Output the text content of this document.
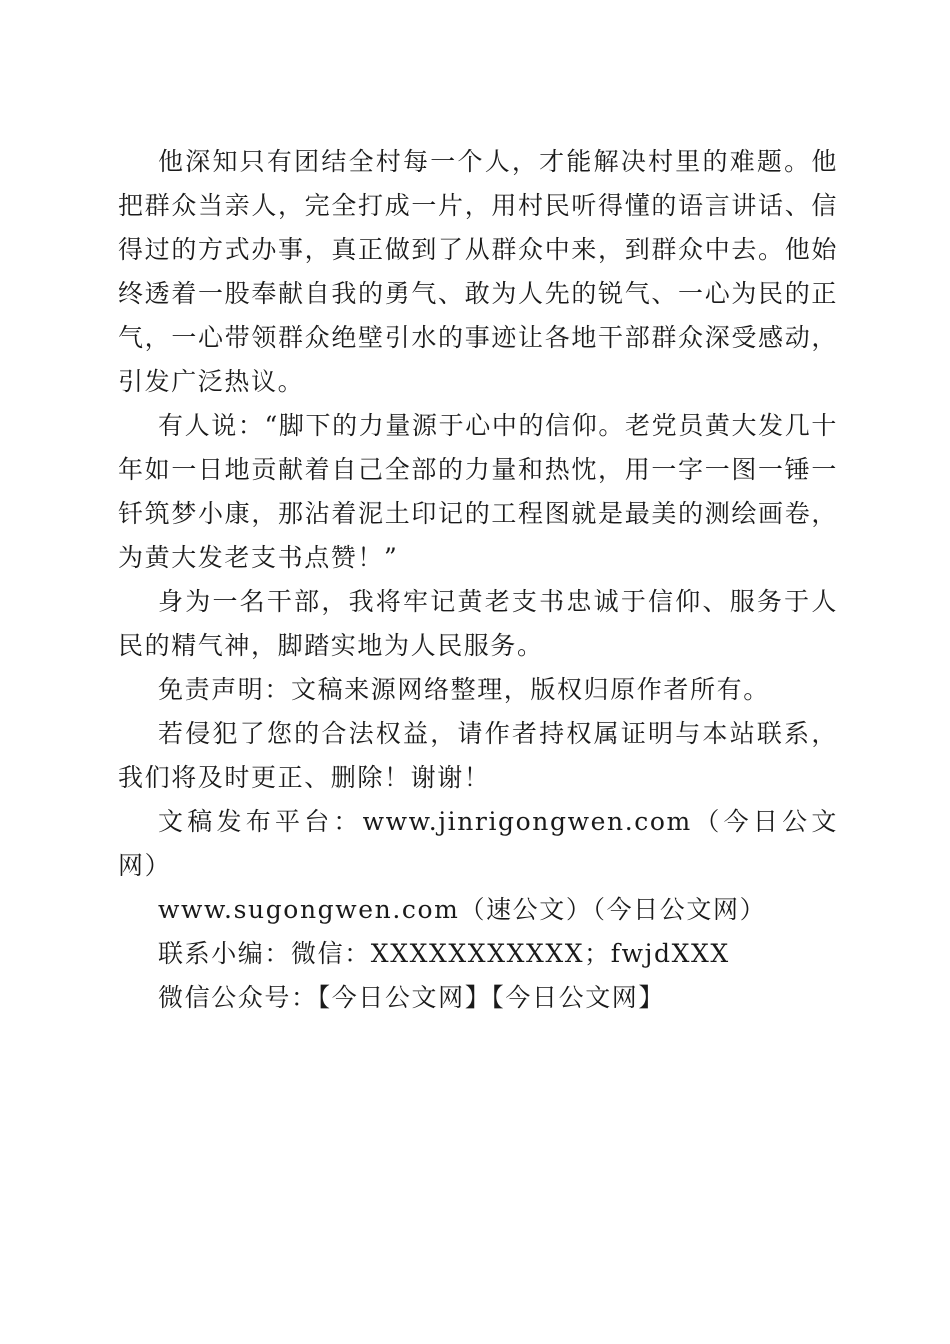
他深知只有团结全村每一个人，才能解决村里的难题。他把群众当亲人，完全打成一片，用村民听得懂的语言讲话、信得过的方式办事，真正做到了从群众中来，到群众中去。他始终透着一股奉献自我的勇气、敢为人先的锐气、一心为民的正气，一心带领群众绝壁引水的事迹让各地干部群众深受感动，引发广泛热议。

有人说：“脚下的力量源于心中的信仰。老党员黄大发几十年如一日地贡献着自己全部的力量和热忱，用一字一图一锤一钎筑梦小康，那沾着泥土印记的工程图就是最美的测绘画卷，为黄大发老支书点赞！”

身为一名干部，我将牢记黄老支书忠诚于信仰、服务于人民的精气神，脚踏实地为人民服务。

免责声明：文稿来源网络整理，版权归原作者所有。

若侵犯了您的合法权益，请作者持权属证明与本站联系，我们将及时更正、删除！谢谢！

文稿发布平台：www.jinrigongwen.com（今日公文网）

www.sugongwen.com（速公文）（今日公文网）

联系小编：微信：XXXXXXXXXXX；fwjdXXX

微信公众号：【今日公文网】【今日公文网】
